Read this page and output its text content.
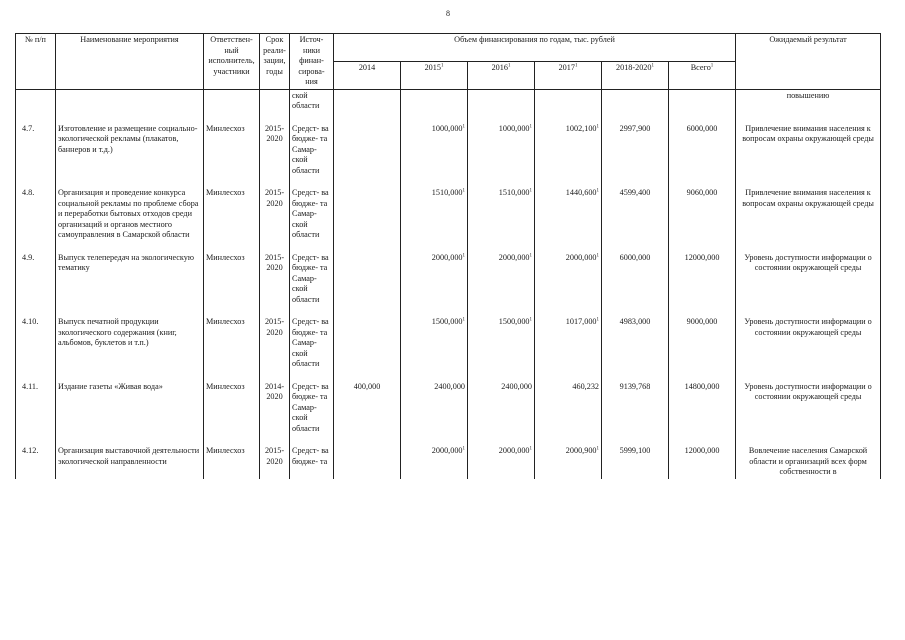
8
№ п/п	Наименование мероприятия	Ответствен- ный исполнитель, участники	Срок реали- зации, годы	Источ- ники финан- сирова- ния	Объем финансирования по годам, тыс. рублей						Ожидаемый результат
					2014	2015$^1$	2016$^1$	2017$^1$	2018-2020$^1$	Всего$^1$
				ской области							повышению

4.7.	Изготовление и размещение социально-экологической рекламы (плакатов, баннеров и т.д.)	Минлесхоз	2015-2020	Средст- ва бюдже- та Самар- ской области		1000,000$^1$	1000,000$^1$	1002,100$^1$	2997,900	6000,000	Привлечение внимания населения к вопросам охраны окружающей среды

4.8.	Организация и проведение конкурса социальной рекламы по проблеме сбора и переработки бытовых отходов среди организаций и органов местного самоуправления в Самарской области	Минлесхоз	2015-2020	Средст- ва бюдже- та Самар- ской области		1510,000$^1$	1510,000$^1$	1440,600$^1$	4599,400	9060,000	Привлечение внимания населения к вопросам охраны окружающей среды

4.9.	Выпуск телепередач на экологическую тематику	Минлесхоз	2015-2020	Средст- ва бюдже- та Самар- ской области		2000,000$^1$	2000,000$^1$	2000,000$^1$	6000,000	12000,000	Уровень доступности информации о состоянии окружающей среды

4.10.	Выпуск печатной продукции экологического содержания (книг, альбомов, буклетов и т.п.)	Минлесхоз	2015-2020	Средст- ва бюдже- та Самар- ской области		1500,000$^1$	1500,000$^1$	1017,000$^1$	4983,000	9000,000	Уровень доступности информации о состоянии окружающей среды

4.11.	Издание газеты «Живая вода»	Минлесхоз	2014-2020	Средст- ва бюдже- та Самар- ской области	400,000	2400,000	2400,000	460,232	9139,768	14800,000	Уровень доступности информации о состоянии окружающей среды

4.12.	Организация выставочной деятельности экологической направленности	Минлесхоз	2015-2020	Средст- ва бюдже- та		2000,000$^1$	2000,000$^1$	2000,900$^1$	5999,100	12000,000	Вовлечение населения Самарской области и организаций всех форм собственности в
